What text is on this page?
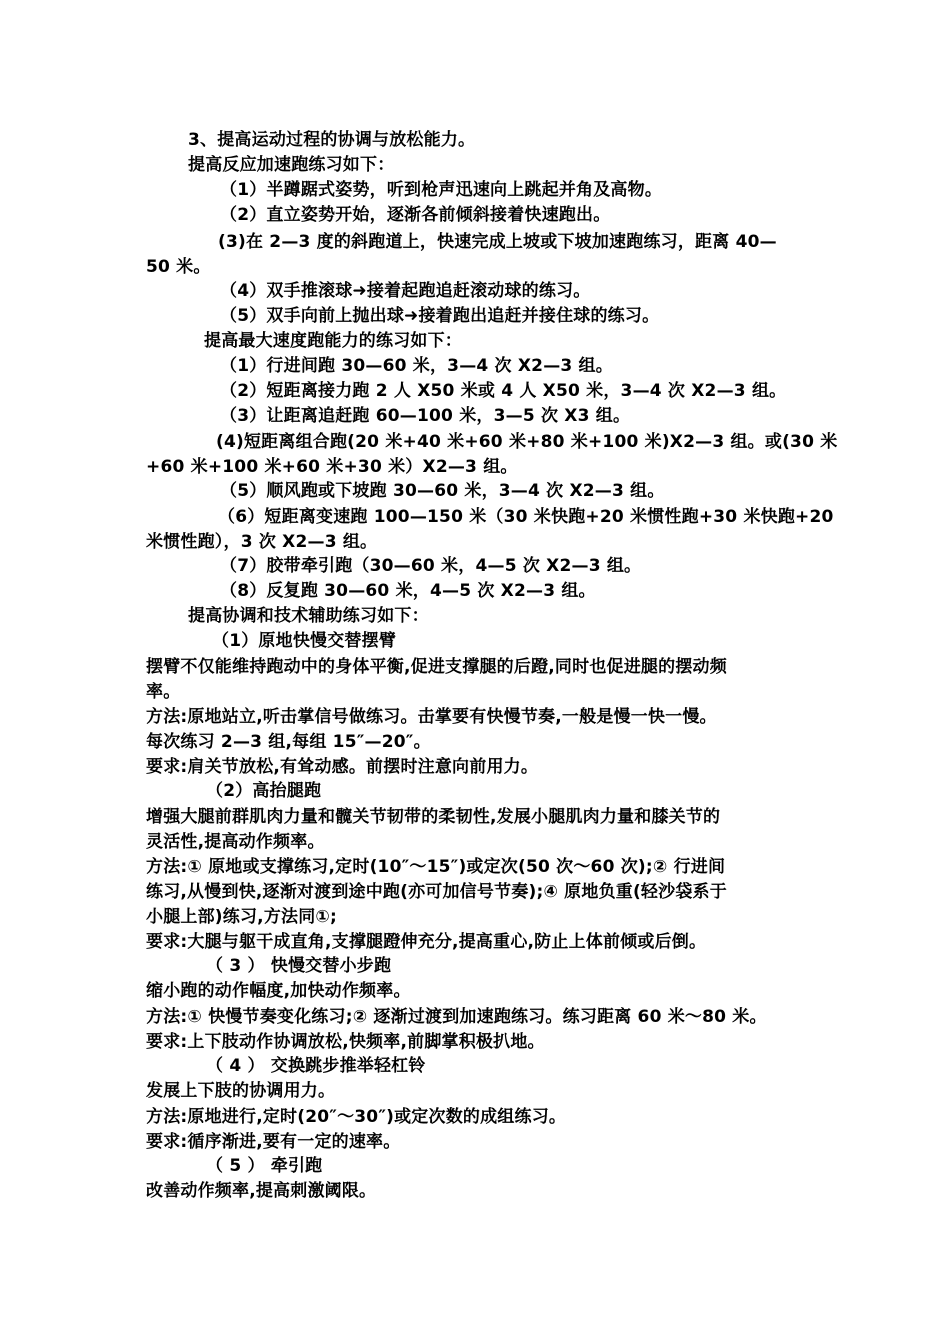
3、提高运动过程的协调与放松能力。
提高反应加速跑练习如下：
（1）半蹲踞式姿势，听到枪声迅速向上跳起并角及高物。
（2）直立姿势开始，逐渐各前倾斜接着快速跑出。
(3)在 2—3 度的斜跑道上，快速完成上坡或下坡加速跑练习，距离 40—
50 米。
（4）双手推滚球➜接着起跑追赶滚动球的练习。
（5）双手向前上抛出球➜接着跑出追赶并接住球的练习。
提高最大速度跑能力的练习如下：
（1）行进间跑 30—60 米，3—4 次 X2—3 组。
（2）短距离接力跑 2 人 X50 米或 4 人 X50 米，3—4 次 X2—3 组。
（3）让距离追赶跑 60—100 米，3—5 次 X3 组。
(4)短距离组合跑(20 米+40 米+60 米+80 米+100 米)X2—3 组。或(30 米
+60 米+100 米+60 米+30 米）X2—3 组。
（5）顺风跑或下坡跑 30—60 米，3—4 次 X2—3 组。
（6）短距离变速跑 100—150 米（30 米快跑+20 米惯性跑+30 米快跑+20
米惯性跑），3 次 X2—3 组。
（7）胶带牵引跑（30—60 米，4—5 次 X2—3 组。
（8）反复跑 30—60 米，4—5 次 X2—3 组。
提高协调和技术辅助练习如下：
（1）原地快慢交替摆臂
摆臂不仅能维持跑动中的身体平衡,促进支撑腿的后蹬,同时也促进腿的摆动频
率。
方法:原地站立,听击掌信号做练习。击掌要有快慢节奏,一般是慢一快一慢。
每次练习 2—3 组,每组 15″—20″。
要求:肩关节放松,有耸动感。前摆时注意向前用力。
（2）高抬腿跑
增强大腿前群肌肉力量和髋关节韧带的柔韧性,发展小腿肌肉力量和膝关节的
灵活性,提高动作频率。
方法:① 原地或支撑练习,定时(10″～15″)或定次(50 次～60 次);② 行进间
练习,从慢到快,逐渐对渡到途中跑(亦可加信号节奏);④ 原地负重(轻沙袋系于
小腿上部)练习,方法同①;
要求:大腿与躯干成直角,支撑腿蹬伸充分,提高重心,防止上体前倾或后倒。
（ 3 ） 快慢交替小步跑
缩小跑的动作幅度,加快动作频率。
方法:① 快慢节奏变化练习;② 逐渐过渡到加速跑练习。练习距离 60 米～80 米。
要求:上下肢动作协调放松,快频率,前脚掌积极扒地。
（ 4 ） 交换跳步推举轻杠铃
发展上下肢的协调用力。
方法:原地进行,定时(20″～30″)或定次数的成组练习。
要求:循序渐进,要有一定的速率。
（ 5 ） 牵引跑
改善动作频率,提高刺激阈限。
